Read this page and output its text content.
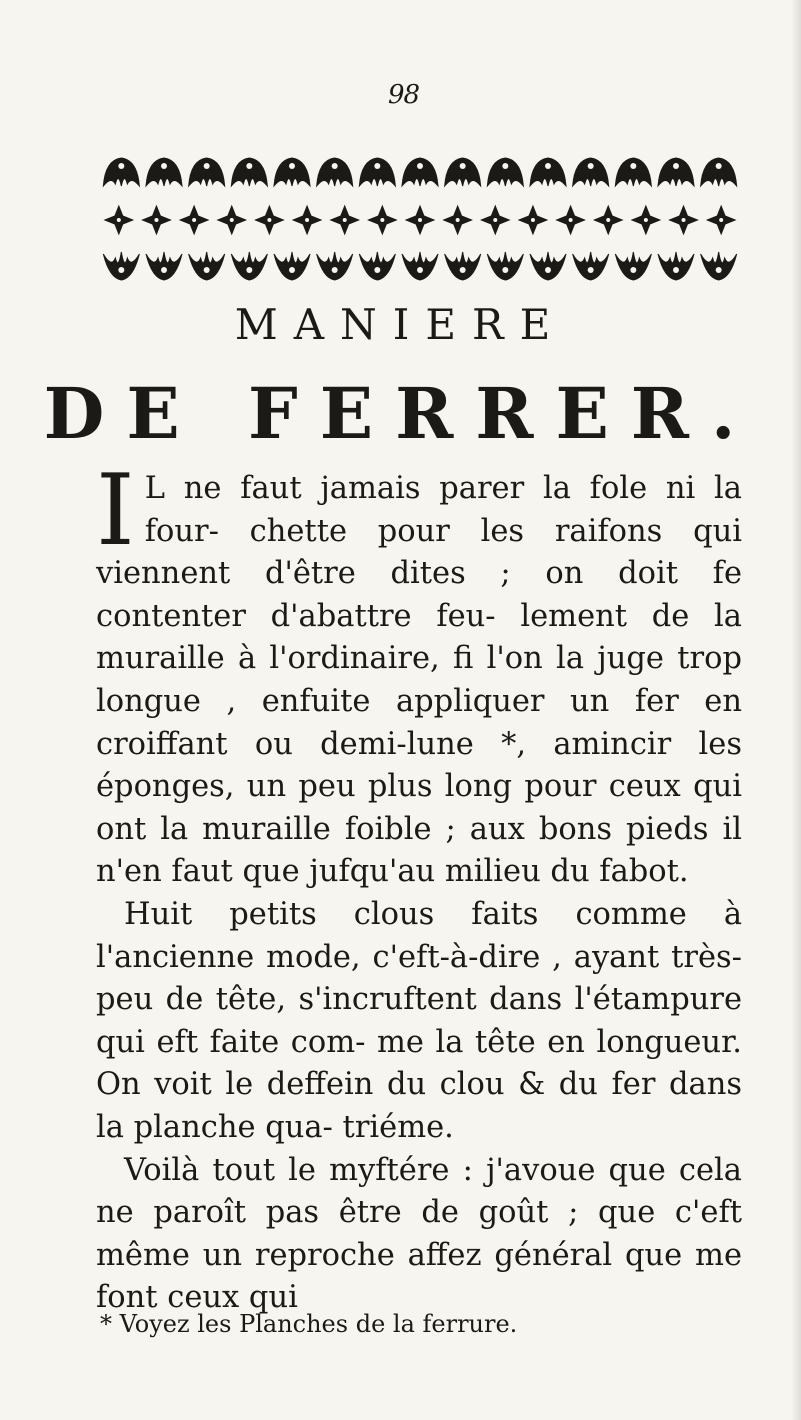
98
MANIERE
DE FERRER.

I L ne faut jamais parer la fole ni la four- chette pour les raifons qui viennent d'être dites ; on doit fe contenter d'abattre feu- lement de la muraille à l'ordinaire, fi l'on la juge trop longue , enfuite appliquer un fer en croiffant ou demi-lune *, amincir les éponges, un peu plus long pour ceux qui ont la muraille foible ; aux bons pieds il n'en faut que jufqu'au milieu du fabot.

Huit petits clous faits comme à l'ancienne mode, c'eft-à-dire , ayant très-peu de tête, s'incruftent dans l'étampure qui eft faite com- me la tête en longueur. On voit le deffein du clou & du fer dans la planche qua- triéme.

Voilà tout le myftére : j'avoue que cela ne paroît pas être de goût ; que c'eft même un reproche affez général que me font ceux qui

* Voyez les Planches de la ferrure.
